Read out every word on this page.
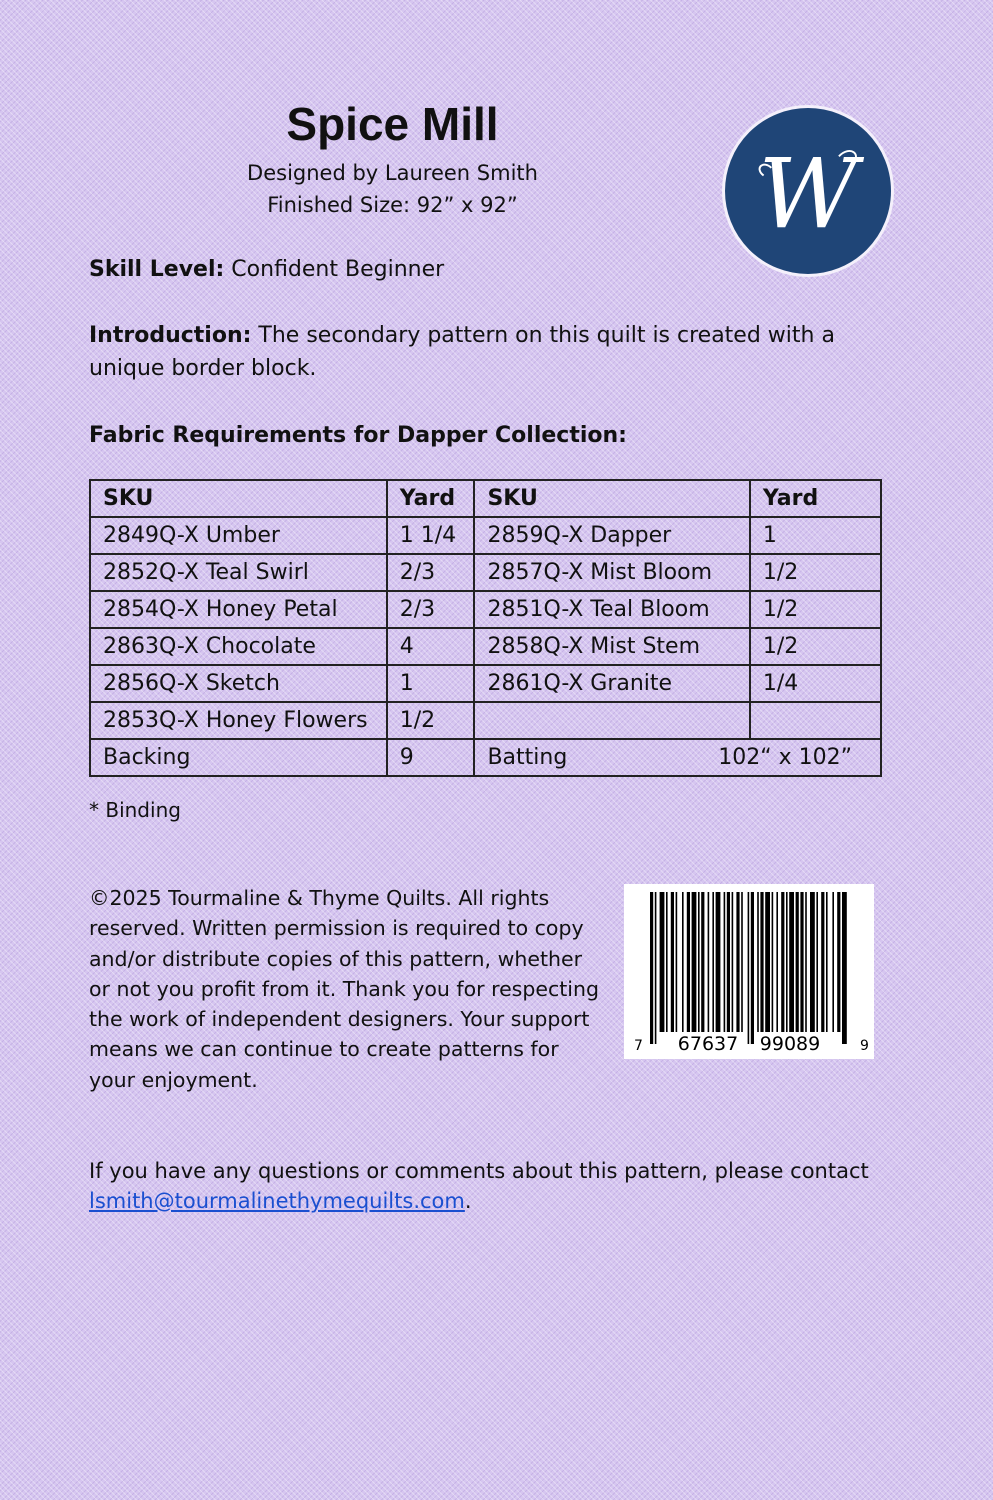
Spice Mill
Designed by Laureen Smith
Finished Size: 92” x 92”	W
Skill Level: Confident Beginner
Introduction: The secondary pattern on this quilt is created with a unique border block.
Fabric Requirements for Dapper Collection:
SKU	Yard	SKU	Yard
2849Q-X Umber	1 1/4	2859Q-X Dapper	1
2852Q-X Teal Swirl	2/3	2857Q-X Mist Bloom	1/2
2854Q-X Honey Petal	2/3	2851Q-X Teal Bloom	1/2
2863Q-X Chocolate	4	2858Q-X Mist Stem	1/2
2856Q-X Sketch	1	2861Q-X Granite	1/4
2853Q-X Honey Flowers	1/2		
Backing	9	Batting 102“ x 102”	
* Binding
©2025 Tourmaline & Thyme Quilts. All rights reserved. Written permission is required to copy and/or distribute copies of this pattern, whether or not you profit from it. Thank you for respecting the work of independent designers. Your support means we can continue to create patterns for your enjoyment.
7 67637 99089	9
If you have any questions or comments about this pattern, please contact
lsmith@tourmalinethymequilts.com.
